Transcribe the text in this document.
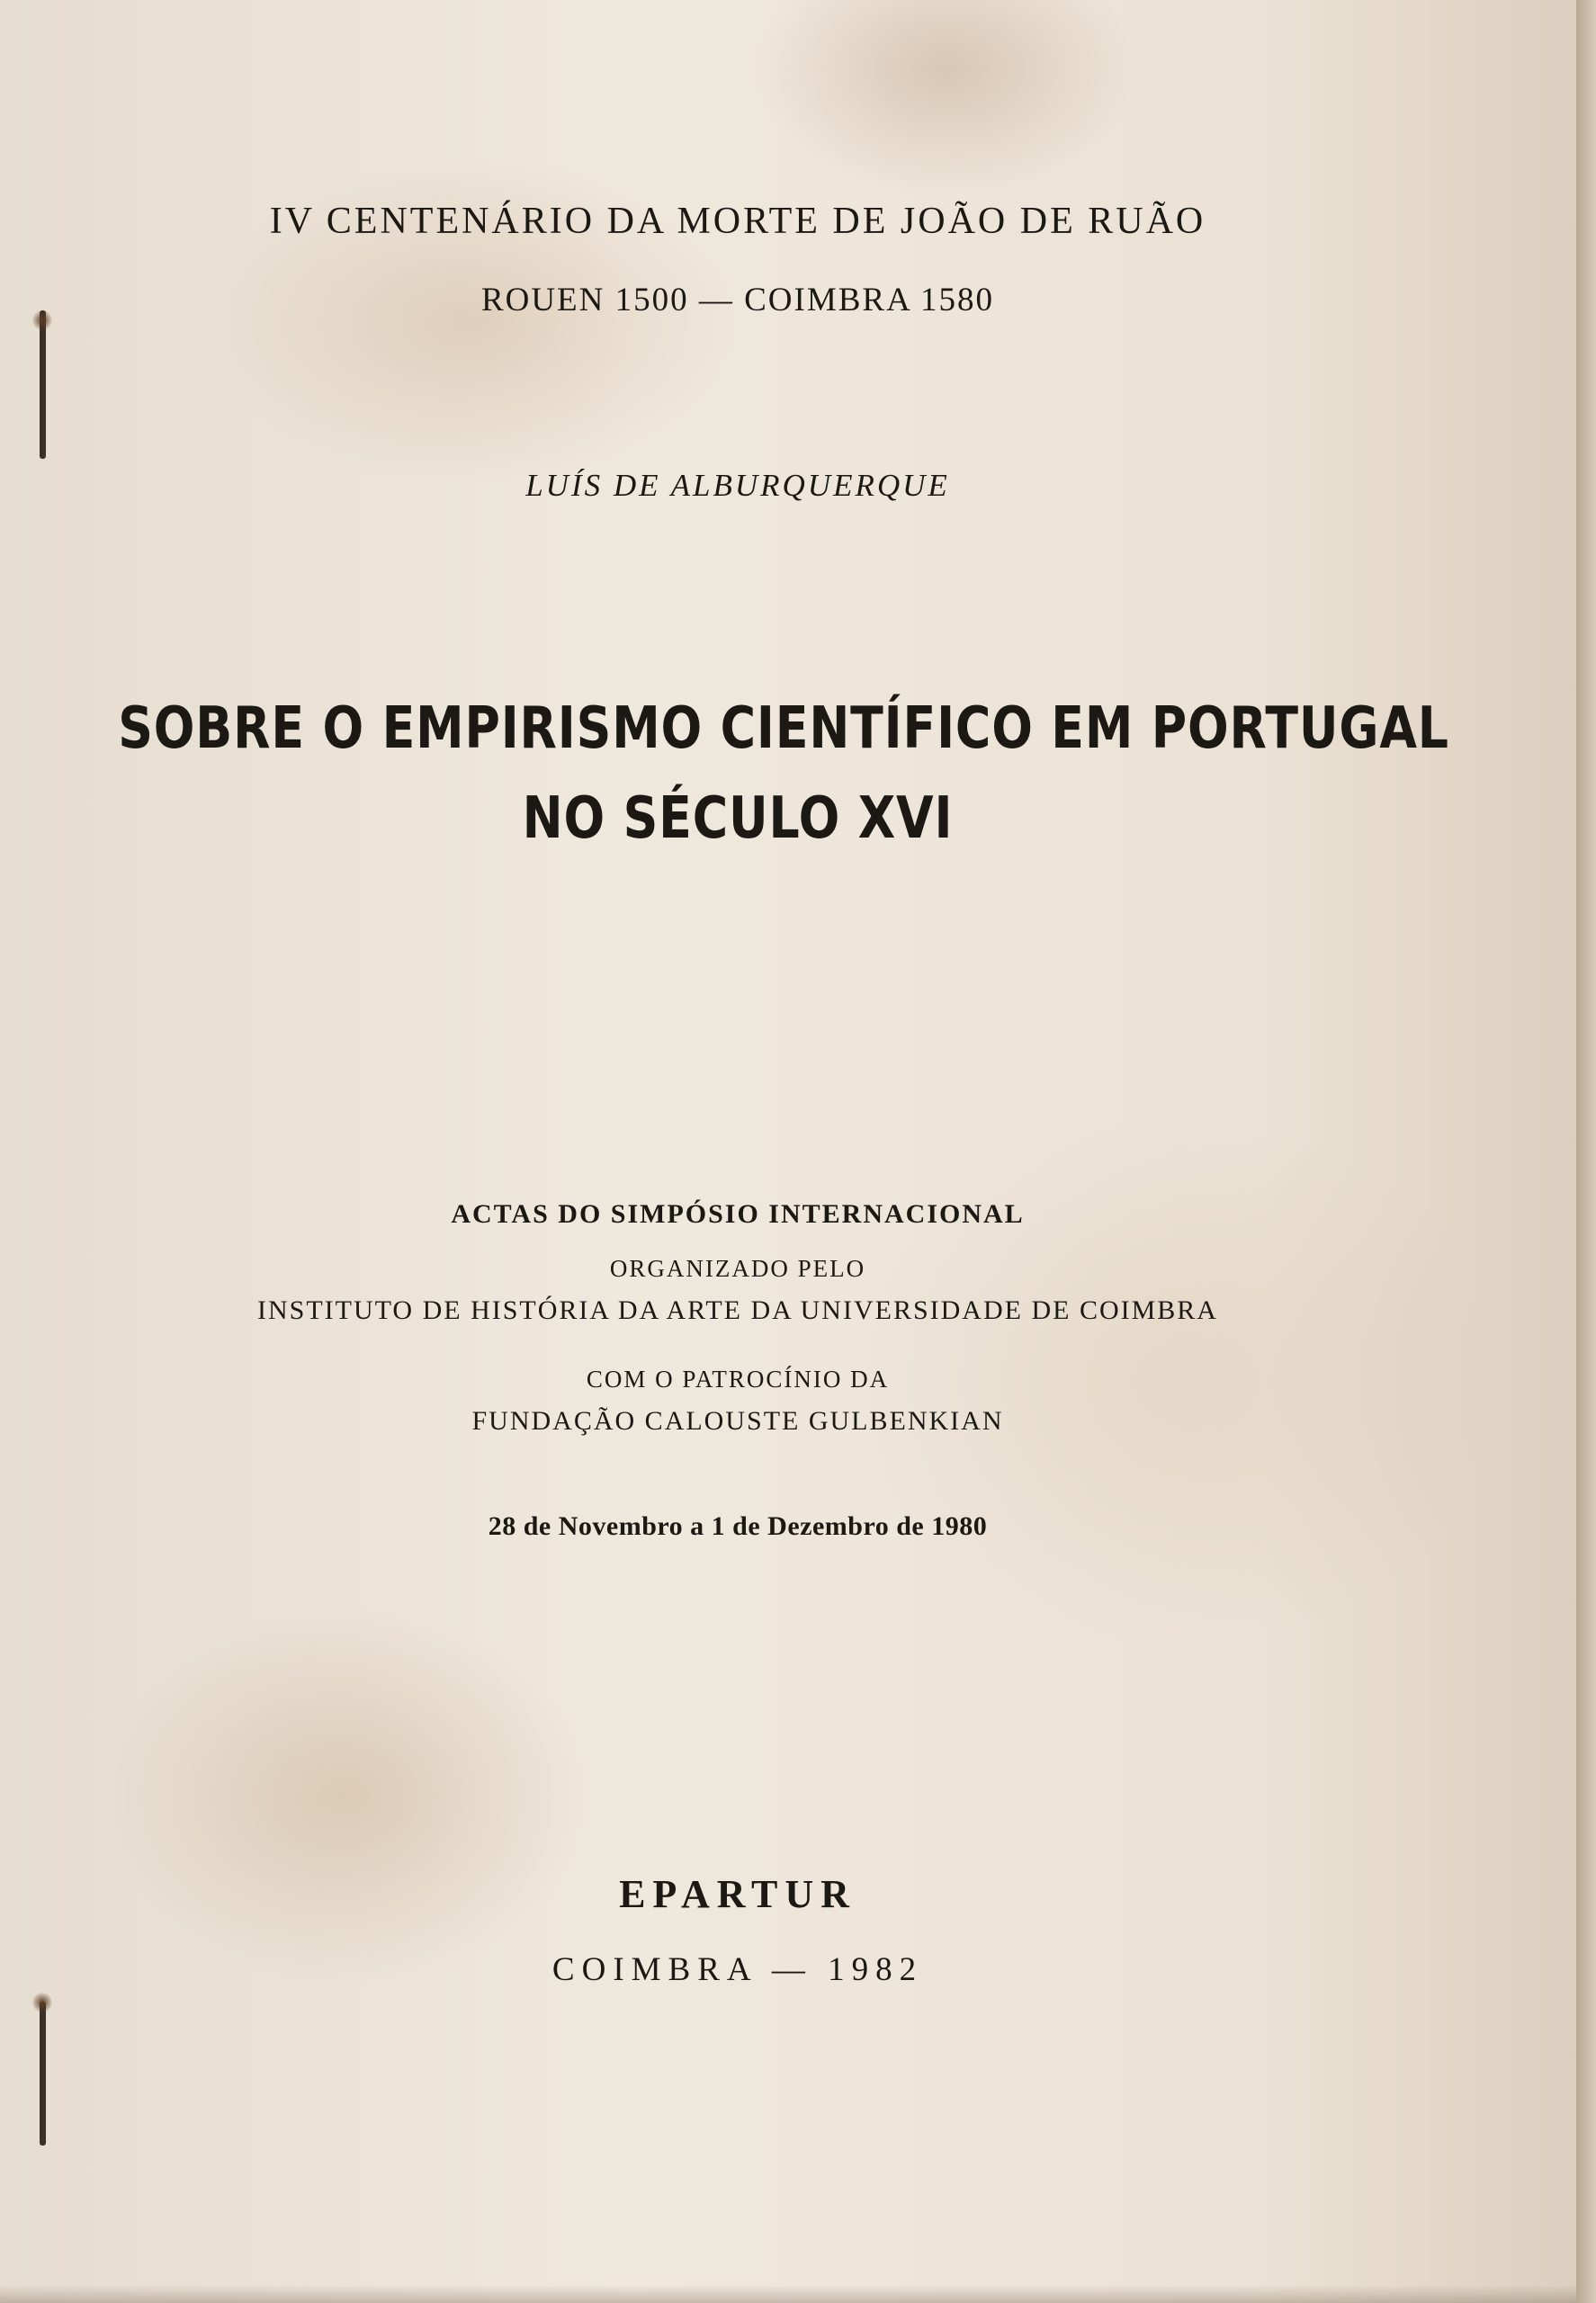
IV CENTENÁRIO DA MORTE DE JOÃO DE RUÃO
ROUEN 1500 — COIMBRA 1580
LUÍS DE ALBURQUERQUE
SOBRE O EMPIRISMO CIENTÍFICO EM PORTUGAL
NO SÉCULO XVI
ACTAS DO SIMPÓSIO INTERNACIONAL
ORGANIZADO PELO
INSTITUTO DE HISTÓRIA DA ARTE DA UNIVERSIDADE DE COIMBRA
COM O PATROCÍNIO DA
FUNDAÇÃO CALOUSTE GULBENKIAN
28 de Novembro a 1 de Dezembro de 1980
EPARTUR
COIMBRA — 1982
